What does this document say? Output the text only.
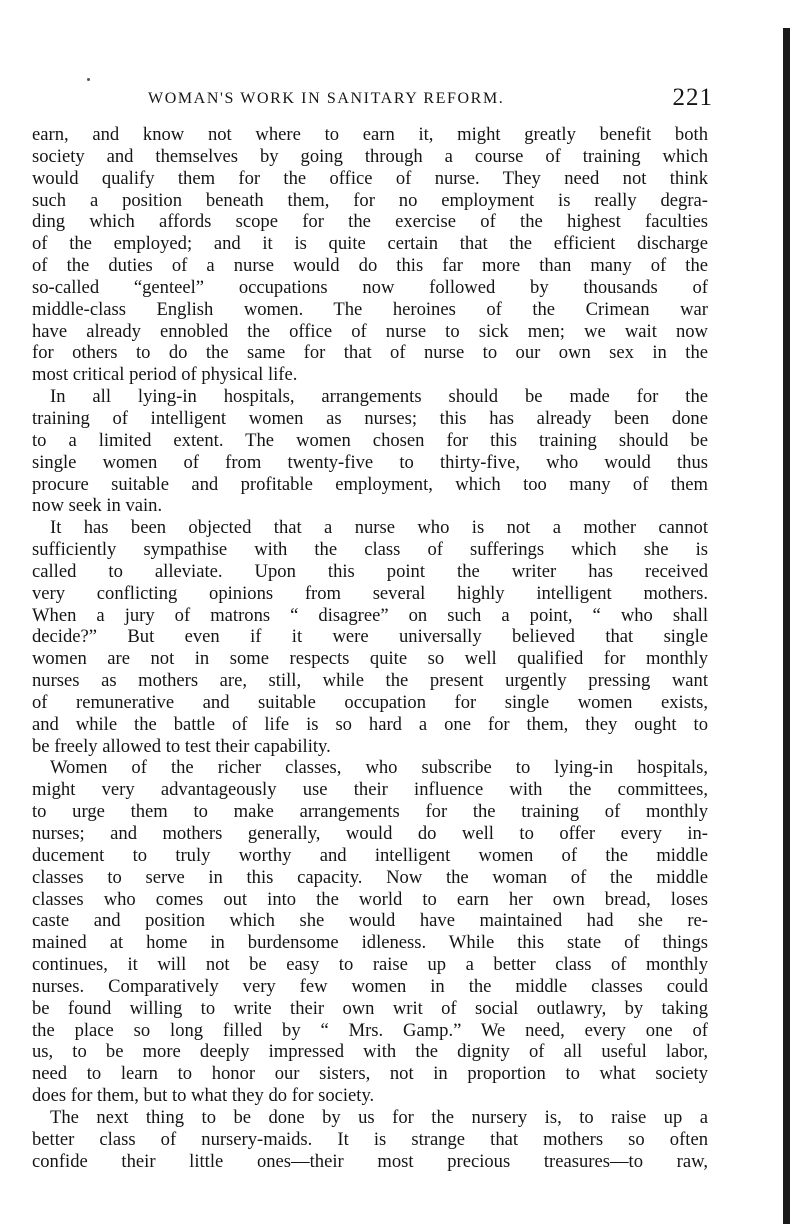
WOMAN'S WORK IN SANITARY REFORM.	221
earn, and know not where to earn it, might greatly benefit both
society and themselves by going through a course of training which
would qualify them for the office of nurse. They need not think
such a position beneath them, for no employment is really degra-
ding which affords scope for the exercise of the highest faculties
of the employed; and it is quite certain that the efficient discharge
of the duties of a nurse would do this far more than many of the
so-called “genteel” occupations now followed by thousands of
middle-class English women. The heroines of the Crimean war
have already ennobled the office of nurse to sick men; we wait now
for others to do the same for that of nurse to our own sex in the
most critical period of physical life.
In all lying-in hospitals, arrangements should be made for the
training of intelligent women as nurses; this has already been done
to a limited extent. The women chosen for this training should be
single women of from twenty-five to thirty-five, who would thus
procure suitable and profitable employment, which too many of them
now seek in vain.
It has been objected that a nurse who is not a mother cannot
sufficiently sympathise with the class of sufferings which she is
called to alleviate. Upon this point the writer has received
very conflicting opinions from several highly intelligent mothers.
When a jury of matrons “ disagree” on such a point, “ who shall
decide?” But even if it were universally believed that single
women are not in some respects quite so well qualified for monthly
nurses as mothers are, still, while the present urgently pressing want
of remunerative and suitable occupation for single women exists,
and while the battle of life is so hard a one for them, they ought to
be freely allowed to test their capability.
Women of the richer classes, who subscribe to lying-in hospitals,
might very advantageously use their influence with the committees,
to urge them to make arrangements for the training of monthly
nurses; and mothers generally, would do well to offer every in-
ducement to truly worthy and intelligent women of the middle
classes to serve in this capacity. Now the woman of the middle
classes who comes out into the world to earn her own bread, loses
caste and position which she would have maintained had she re-
mained at home in burdensome idleness. While this state of things
continues, it will not be easy to raise up a better class of monthly
nurses. Comparatively very few women in the middle classes could
be found willing to write their own writ of social outlawry, by taking
the place so long filled by “ Mrs. Gamp.” We need, every one of
us, to be more deeply impressed with the dignity of all useful labor,
need to learn to honor our sisters, not in proportion to what society
does for them, but to what they do for society.
The next thing to be done by us for the nursery is, to raise up a
better class of nursery-maids. It is strange that mothers so often
confide their little ones—their most precious treasures—to raw,
